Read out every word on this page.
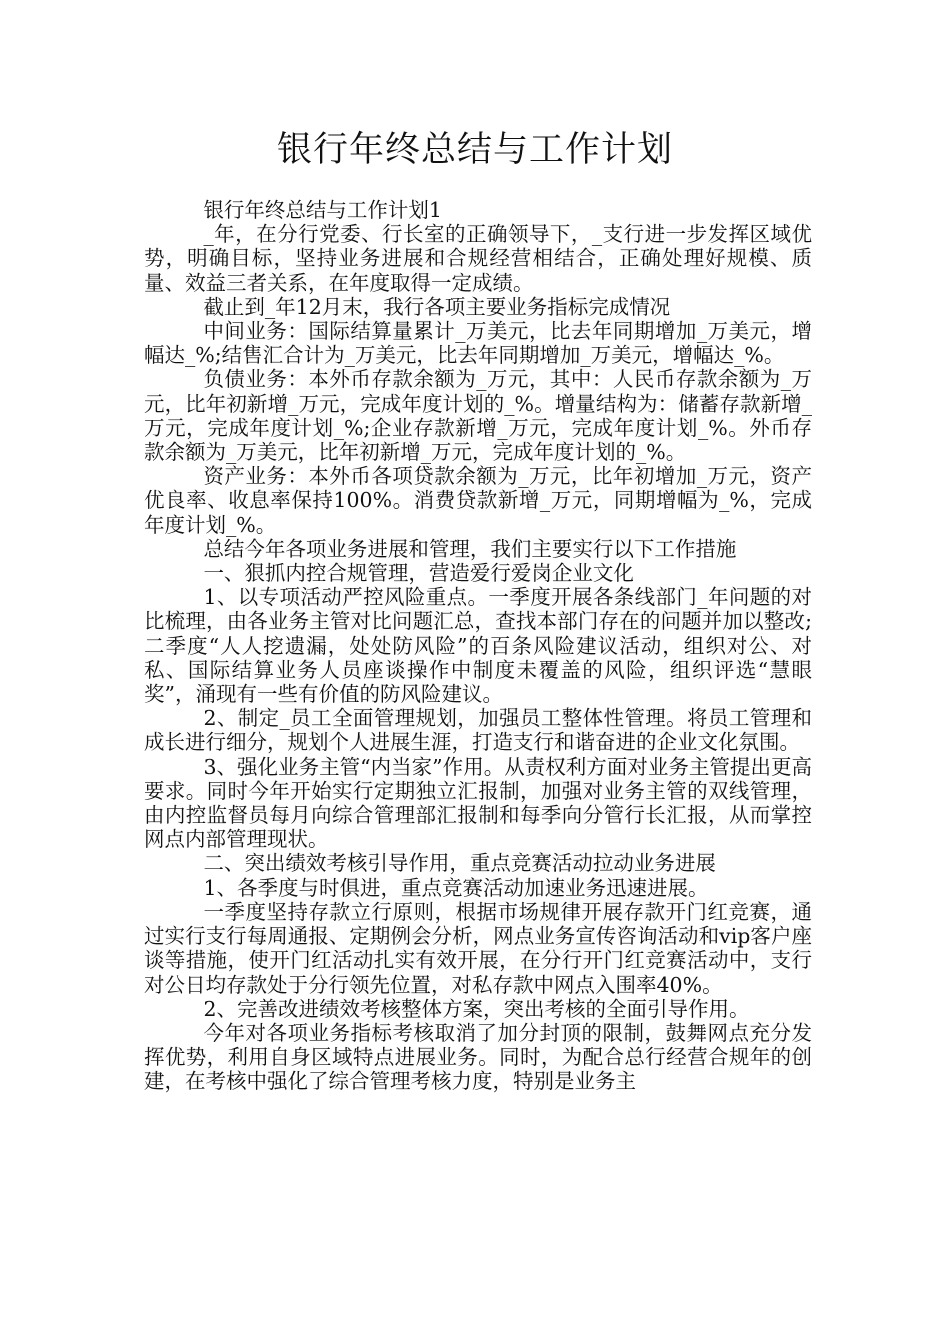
银行年终总结与工作计划

银行年终总结与工作计划1

_年，在分行党委、行长室的正确领导下，_支行进一步发挥区域优势，明确目标，坚持业务进展和合规经营相结合，正确处理好规模、质量、效益三者关系，在年度取得一定成绩。

截止到_年12月末，我行各项主要业务指标完成情况

中间业务：国际结算量累计_万美元，比去年同期增加_万美元，增幅达_%;结售汇合计为_万美元，比去年同期增加_万美元，增幅达_%。

负债业务：本外币存款余额为_万元，其中：人民币存款余额为_万元，比年初新增_万元，完成年度计划的_%。增量结构为：储蓄存款新增_万元，完成年度计划_%;企业存款新增_万元，完成年度计划_%。外币存款余额为_万美元，比年初新增_万元，完成年度计划的_%。

资产业务：本外币各项贷款余额为_万元，比年初增加_万元，资产优良率、收息率保持100%。消费贷款新增_万元，同期增幅为_%，完成年度计划_%。

总结今年各项业务进展和管理，我们主要实行以下工作措施

一、狠抓内控合规管理，营造爱行爱岗企业文化

1、以专项活动严控风险重点。一季度开展各条线部门_年问题的对比梳理，由各业务主管对比问题汇总，查找本部门存在的问题并加以整改;二季度“人人挖遗漏，处处防风险”的百条风险建议活动，组织对公、对私、国际结算业务人员座谈操作中制度未覆盖的风险，组织评选“慧眼奖”，涌现有一些有价值的防风险建议。

2、制定_员工全面管理规划，加强员工整体性管理。将员工管理和成长进行细分，规划个人进展生涯，打造支行和谐奋进的企业文化氛围。

3、强化业务主管“内当家”作用。从责权利方面对业务主管提出更高要求。同时今年开始实行定期独立汇报制，加强对业务主管的双线管理，由内控监督员每月向综合管理部汇报制和每季向分管行长汇报，从而掌控网点内部管理现状。

二、突出绩效考核引导作用，重点竞赛活动拉动业务进展

1、各季度与时俱进，重点竞赛活动加速业务迅速进展。

一季度坚持存款立行原则，根据市场规律开展存款开门红竞赛，通过实行支行每周通报、定期例会分析，网点业务宣传咨询活动和vip客户座谈等措施，使开门红活动扎实有效开展，在分行开门红竞赛活动中，支行对公日均存款处于分行领先位置，对私存款中网点入围率40%。

2、完善改进绩效考核整体方案，突出考核的全面引导作用。

今年对各项业务指标考核取消了加分封顶的限制，鼓舞网点充分发挥优势，利用自身区域特点进展业务。同时，为配合总行经营合规年的创建，在考核中强化了综合管理考核力度，特别是业务主
